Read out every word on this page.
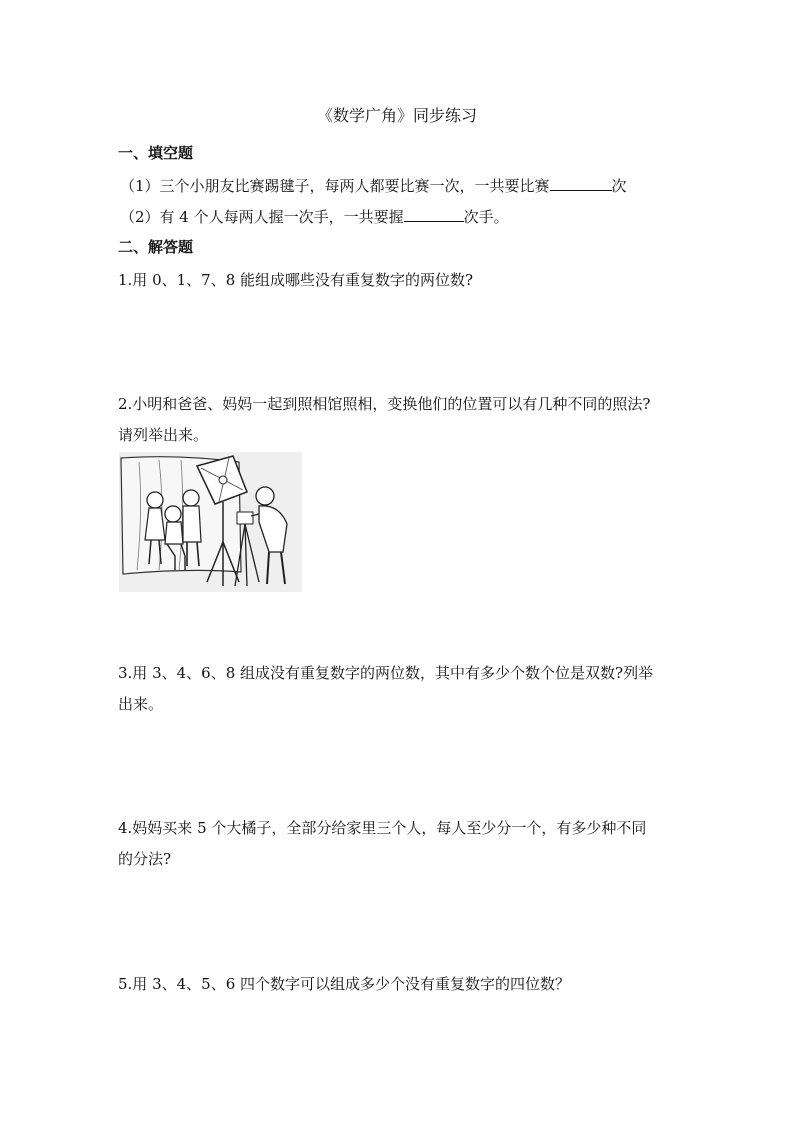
《数学广角》同步练习
一、填空题
（1）三个小朋友比赛踢毽子，每两人都要比赛一次，一共要比赛	次
（2）有 4 个人每两人握一次手，一共要握	次手。
二、解答题
1.用 0、1、7、8 能组成哪些没有重复数字的两位数?
2.小明和爸爸、妈妈一起到照相馆照相，变换他们的位置可以有几种不同的照法?
请列举出来。
3.用 3、4、6、8 组成没有重复数字的两位数，其中有多少个数个位是双数?列举
出来。
4.妈妈买来 5 个大橘子，全部分给家里三个人，每人至少分一个，有多少种不同
的分法?
5.用 3、4、5、6 四个数字可以组成多少个没有重复数字的四位数？
